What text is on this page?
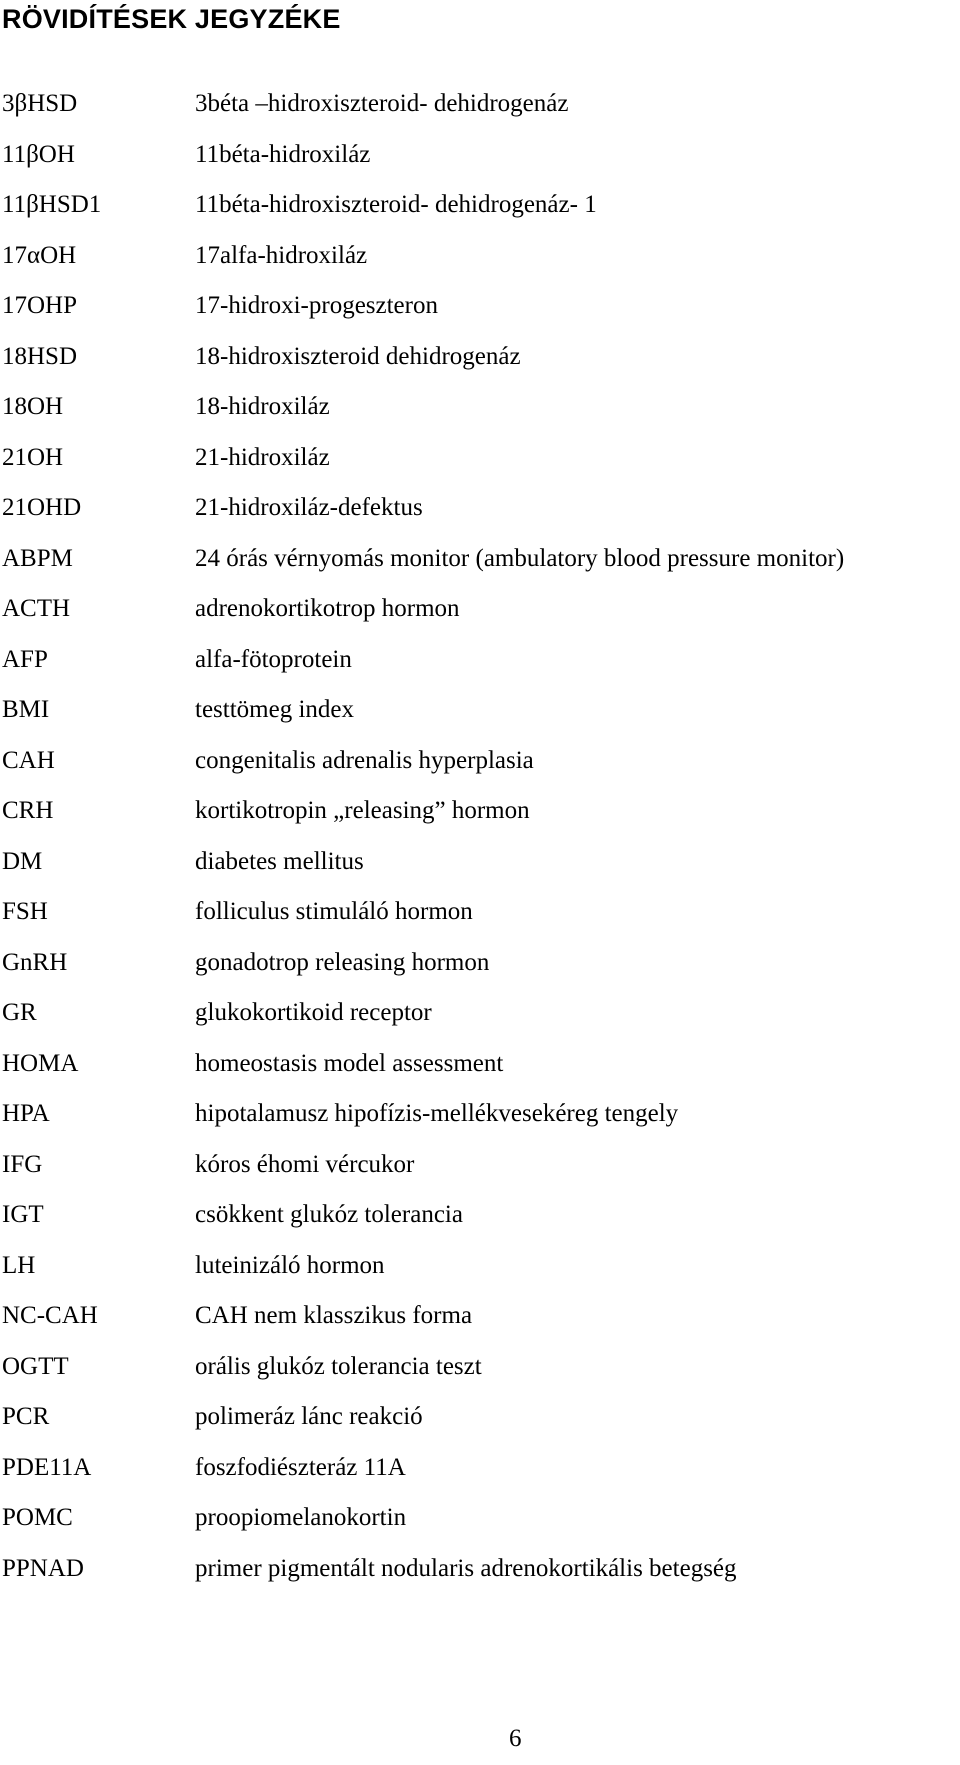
RÖVIDÍTÉSEK JEGYZÉKE
3βHSD	3béta –hidroxiszteroid- dehidrogenáz
11βOH	11béta-hidroxiláz
11βHSD1	11béta-hidroxiszteroid- dehidrogenáz- 1
17αOH	17alfa-hidroxiláz
17OHP	17-hidroxi-progeszteron
18HSD	18-hidroxiszteroid dehidrogenáz
18OH	18-hidroxiláz
21OH	21-hidroxiláz
21OHD	21-hidroxiláz-defektus
ABPM	24 órás vérnyomás monitor (ambulatory blood pressure monitor)
ACTH	adrenokortikotrop hormon
AFP	alfa-fötoprotein
BMI	testtömeg index
CAH	congenitalis adrenalis hyperplasia
CRH	kortikotropin „releasing” hormon
DM	diabetes mellitus
FSH	folliculus stimuláló hormon
GnRH	gonadotrop releasing hormon
GR	glukokortikoid receptor
HOMA	homeostasis model assessment
HPA	hipotalamusz hipofízis-mellékvesekéreg tengely
IFG	kóros éhomi vércukor
IGT	csökkent glukóz tolerancia
LH	luteinizáló hormon
NC-CAH	CAH nem klasszikus forma
OGTT	orális glukóz tolerancia teszt
PCR	polimeráz lánc reakció
PDE11A	foszfodiészteráz 11A
POMC	proopiomelanokortin
PPNAD	primer pigmentált nodularis adrenokortikális betegség
6
